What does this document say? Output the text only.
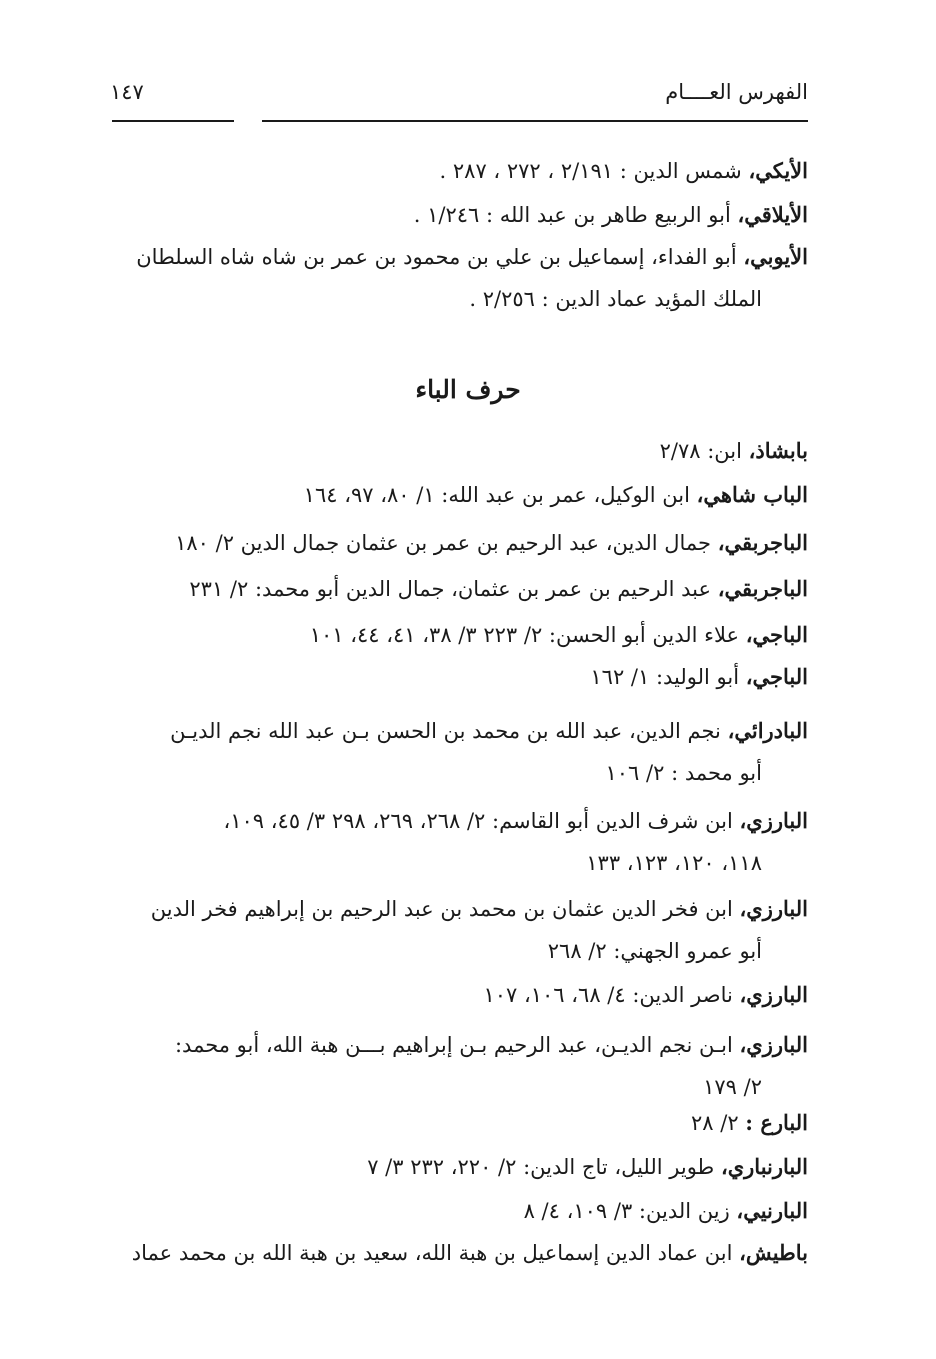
الفهرس العــــام
١٤٧
الأيكي، شمس الدين : ٢/١٩١ ، ٢٧٢ ، ٢٨٧ .
الأيلاقي، أبو الربيع طاهر بن عبد الله : ١/٢٤٦ .
الأيوبي، أبو الفداء، إسماعيل بن علي بن محمود بن عمر بن شاه شاه السلطان
الملك المؤيد عماد الدين : ٢/٢٥٦ .
حرف الباء
بابشاذ، ابن: ٢/٧٨
الباب شاهي، ابن الوكيل، عمر بن عبد الله: ١/ ٨٠، ٩٧، ١٦٤
الباجربقي، جمال الدين، عبد الرحيم بن عمر بن عثمان جمال الدين ٢/ ١٨٠
الباجربقي، عبد الرحيم بن عمر بن عثمان، جمال الدين أبو محمد: ٢/ ٢٣١
الباجي، علاء الدين أبو الحسن: ٢/ ٢٢٣ ٣/ ٣٨، ٤١، ٤٤، ١٠١
الباجي، أبو الوليد: ١/ ١٦٢
البادرائي، نجم الدين، عبد الله بن محمد بن الحسن بـن عبد الله نجم الديـن
أبو محمد : ٢/ ١٠٦
البارزي، ابن شرف الدين أبو القاسم: ٢/ ٢٦٨، ٢٦٩، ٢٩٨ ٣/ ٤٥، ١٠٩،
١١٨، ١٢٠، ١٢٣، ١٣٣
البارزي، ابن فخر الدين عثمان بن محمد بن عبد الرحيم بن إبراهيم فخر الدين
أبو عمرو الجهني: ٢/ ٢٦٨
البارزي، ناصر الدين: ٤/ ٦٨، ١٠٦، ١٠٧
البارزي، ابـن نجم الديـن، عبد الرحيم بـن إبراهيم بـــن هبة الله، أبو محمد:
٢/ ١٧٩
البارع : ٢/ ٢٨
البارنباري، طوير الليل، تاج الدين: ٢/ ٢٢٠، ٢٣٢ ٣/ ٧
البارنيي، زين الدين: ٣/ ١٠٩، ٤/ ٨
باطيش، ابن عماد الدين إسماعيل بن هبة الله، سعيد بن هبة الله بن محمد عماد
